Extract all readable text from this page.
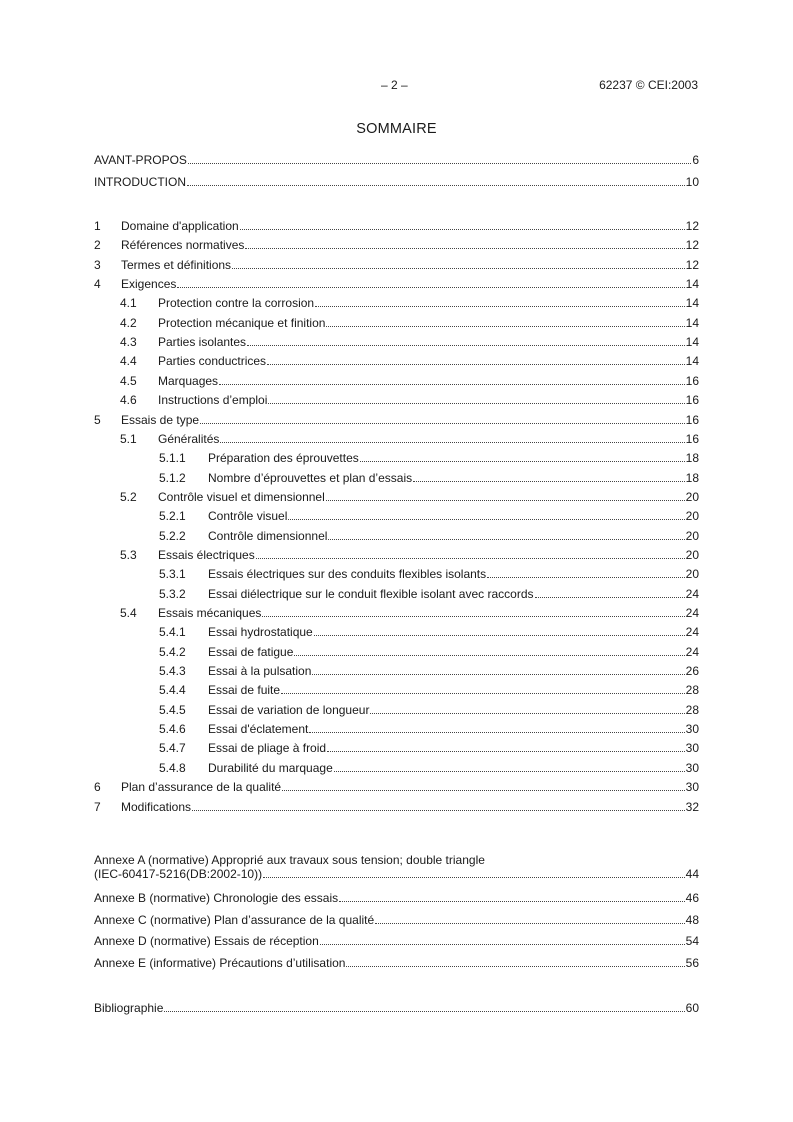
– 2 –	62237 © CEI:2003
SOMMAIRE
AVANT-PROPOS	6
INTRODUCTION	10
1	Domaine d'application	12
2	Références normatives	12
3	Termes et définitions	12
4	Exigences	14
4.1	Protection contre la corrosion	14
4.2	Protection mécanique et finition	14
4.3	Parties isolantes	14
4.4	Parties conductrices	14
4.5	Marquages	16
4.6	Instructions d’emploi	16
5	Essais de type	16
5.1	Généralités	16
5.1.1	Préparation des éprouvettes	18
5.1.2	Nombre d’éprouvettes et plan d’essais	18
5.2	Contrôle visuel et dimensionnel	20
5.2.1	Contrôle visuel	20
5.2.2	Contrôle dimensionnel	20
5.3	Essais électriques	20
5.3.1	Essais électriques sur des conduits flexibles isolants	20
5.3.2	Essai diélectrique sur le conduit flexible isolant avec raccords	24
5.4	Essais mécaniques	24
5.4.1	Essai hydrostatique	24
5.4.2	Essai de fatigue	24
5.4.3	Essai à la pulsation	26
5.4.4	Essai de fuite	28
5.4.5	Essai de variation de longueur	28
5.4.6	Essai d'éclatement	30
5.4.7	Essai de pliage à froid	30
5.4.8	Durabilité du marquage	30
6	Plan d’assurance de la qualité	30
7	Modifications	32
Annexe A (normative) Approprié aux travaux sous tension; double triangle
(IEC-60417-5216(DB:2002-10))	44
Annexe B (normative) Chronologie des essais	46
Annexe C (normative) Plan d’assurance de la qualité	48
Annexe D (normative) Essais de réception	54
Annexe E (informative) Précautions d’utilisation	56
Bibliographie	60
